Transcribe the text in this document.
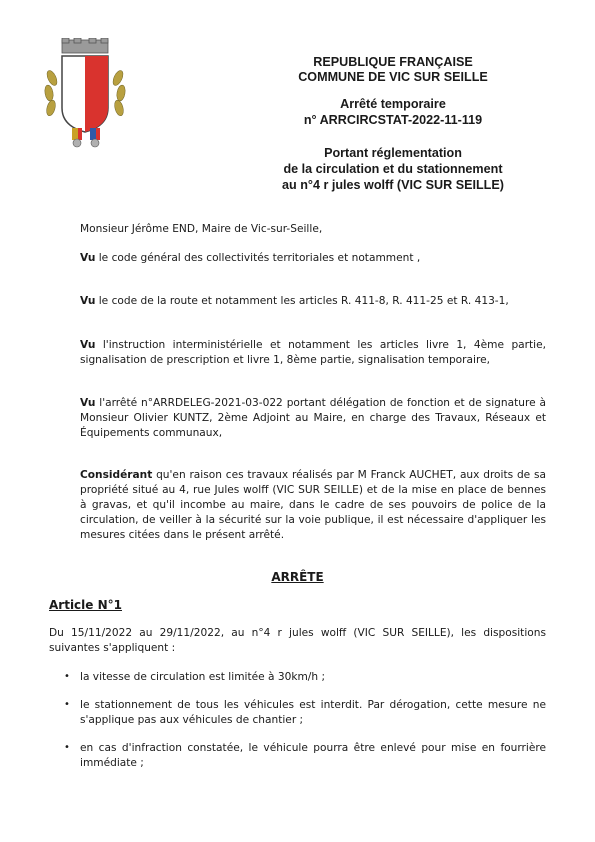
REPUBLIQUE FRANÇAISE
COMMUNE DE VIC SUR SEILLE
Arrêté temporaire
n° ARRCIRCSTAT-2022-11-119
Portant réglementation
de la circulation et du stationnement
au n°4 r jules wolff (VIC SUR SEILLE)
Monsieur Jérôme END, Maire de Vic-sur-Seille,
Vu le code général des collectivités territoriales et notamment ,
Vu le code de la route et notamment les articles R. 411-8, R. 411-25 et R. 413-1,
Vu l'instruction interministérielle et notamment les articles livre 1, 4ème partie, signalisation de prescription et livre 1, 8ème partie, signalisation temporaire,
Vu l'arrêté n°ARRDELEG-2021-03-022 portant délégation de fonction et de signature à Monsieur Olivier KUNTZ, 2ème Adjoint au Maire, en charge des Travaux, Réseaux et Équipements communaux,
Considérant qu'en raison ces travaux réalisés par M Franck AUCHET, aux droits de sa propriété situé au 4, rue Jules wolff (VIC SUR SEILLE) et de la mise en place de bennes à gravas, et qu'il incombe au maire, dans le cadre de ses pouvoirs de police de la circulation, de veiller à la sécurité sur la voie publique, il est nécessaire d'appliquer les mesures citées dans le présent arrêté.
ARRÊTE
Article N°1
Du 15/11/2022 au 29/11/2022, au n°4 r jules wolff (VIC SUR SEILLE), les dispositions suivantes s'appliquent :
• la vitesse de circulation est limitée à 30km/h ;
• le stationnement de tous les véhicules est interdit. Par dérogation, cette mesure ne s'applique pas aux véhicules de chantier ;
• en cas d'infraction constatée, le véhicule pourra être enlevé pour mise en fourrière immédiate ;
